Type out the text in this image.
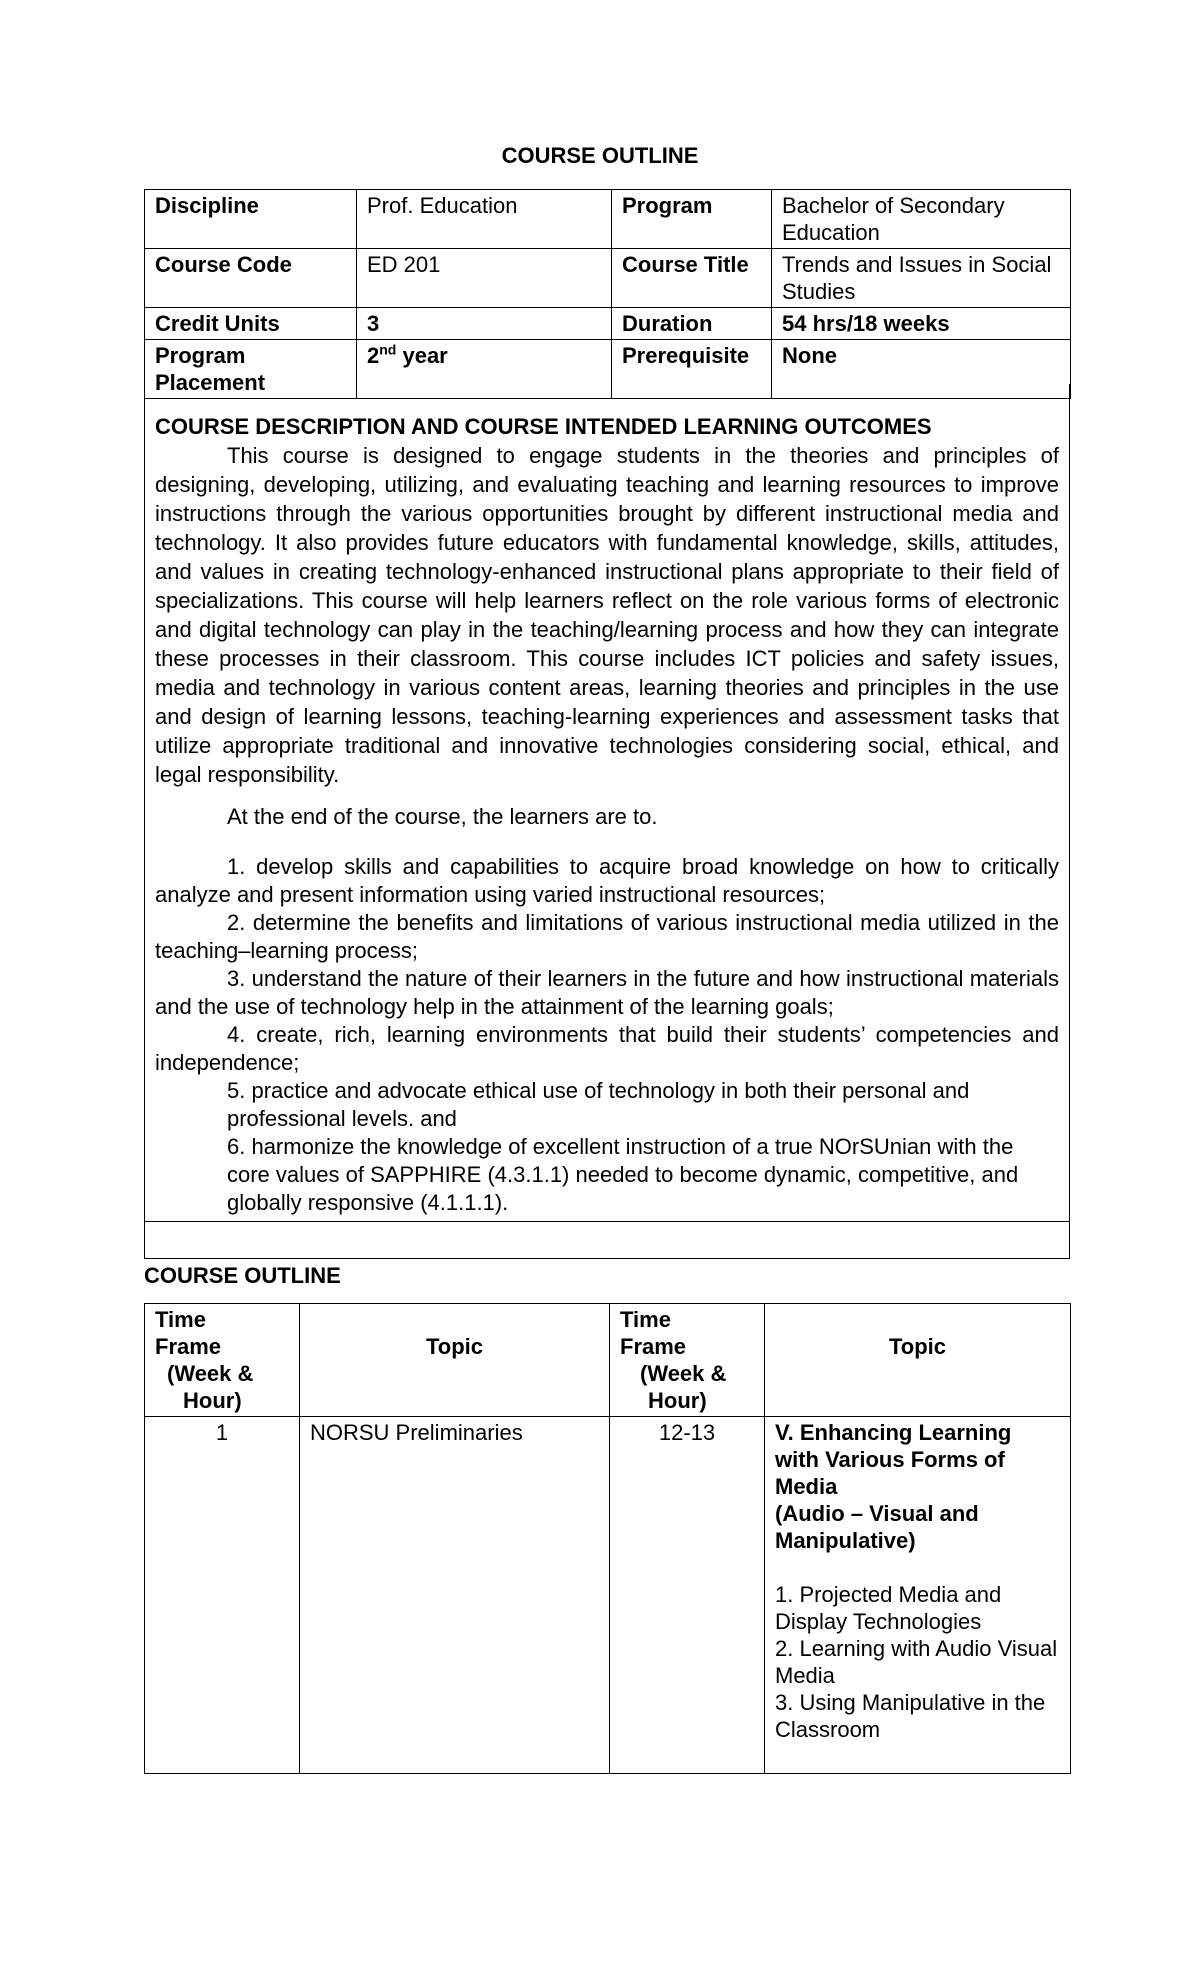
COURSE OUTLINE
Discipline	Prof. Education	Program	Bachelor of Secondary Education
Course Code	ED 201	Course Title	Trends and Issues in Social Studies
Credit Units	3	Duration	54 hrs/18 weeks
Program Placement	2nd year	Prerequisite	None
COURSE DESCRIPTION AND COURSE INTENDED LEARNING OUTCOMES

This course is designed to engage students in the theories and principles of designing, developing, utilizing, and evaluating teaching and learning resources to improve instructions through the various opportunities brought by different instructional media and technology. It also provides future educators with fundamental knowledge, skills, attitudes, and values in creating technology-enhanced instructional plans appropriate to their field of specializations. This course will help learners reflect on the role various forms of electronic and digital technology can play in the teaching/learning process and how they can integrate these processes in their classroom. This course includes ICT policies and safety issues, media and technology in various content areas, learning theories and principles in the use and design of learning lessons, teaching-learning experiences and assessment tasks that utilize appropriate traditional and innovative technologies considering social, ethical, and legal responsibility.

At the end of the course, the learners are to.

1. develop skills and capabilities to acquire broad knowledge on how to critically analyze and present information using varied instructional resources;

2. determine the benefits and limitations of various instructional media utilized in the teaching–learning process;

3. understand the nature of their learners in the future and how instructional materials and the use of technology help in the attainment of the learning goals;

4. create, rich, learning environments that build their students’ competencies and independence;

5. practice and advocate ethical use of technology in both their personal and professional levels. and

6. harmonize the knowledge of excellent instruction of a true NOrSUnian with the core values of SAPPHIRE (4.3.1.1) needed to become dynamic, competitive, and globally responsive (4.1.1.1).

COURSE OUTLINE
Time
Frame
(Week &
Hour)	Topic	Time
Frame
(Week &
Hour)	Topic
1	NORSU Preliminaries	12-13	V. Enhancing Learning with Various Forms of Media
(Audio – Visual and Manipulative)
1. Projected Media and Display Technologies
2. Learning with Audio Visual Media
3. Using Manipulative in the Classroom
